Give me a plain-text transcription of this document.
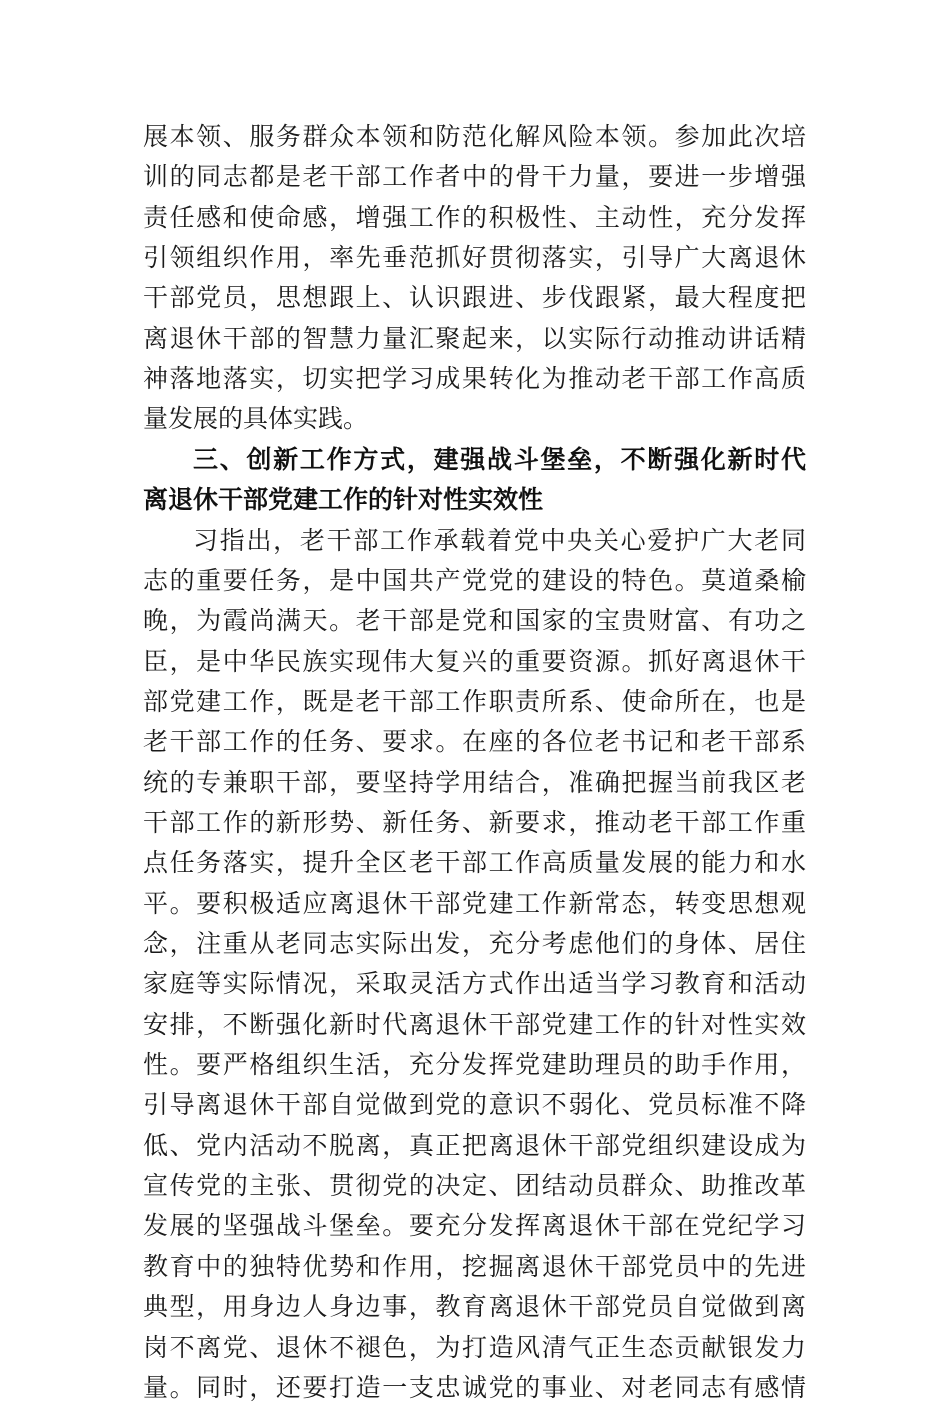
展本领、服务群众本领和防范化解风险本领。参加此次培
训的同志都是老干部工作者中的骨干力量，要进一步增强
责任感和使命感，增强工作的积极性、主动性，充分发挥
引领组织作用，率先垂范抓好贯彻落实，引导广大离退休
干部党员，思想跟上、认识跟进、步伐跟紧，最大程度把
离退休干部的智慧力量汇聚起来，以实际行动推动讲话精
神落地落实，切实把学习成果转化为推动老干部工作高质
量发展的具体实践。
三、创新工作方式，建强战斗堡垒，不断强化新时代
离退休干部党建工作的针对性实效性
习指出，老干部工作承载着党中央关心爱护广大老同
志的重要任务，是中国共产党党的建设的特色。莫道桑榆
晚，为霞尚满天。老干部是党和国家的宝贵财富、有功之
臣，是中华民族实现伟大复兴的重要资源。抓好离退休干
部党建工作，既是老干部工作职责所系、使命所在，也是
老干部工作的任务、要求。在座的各位老书记和老干部系
统的专兼职干部，要坚持学用结合，准确把握当前我区老
干部工作的新形势、新任务、新要求，推动老干部工作重
点任务落实，提升全区老干部工作高质量发展的能力和水
平。要积极适应离退休干部党建工作新常态，转变思想观
念，注重从老同志实际出发，充分考虑他们的身体、居住
家庭等实际情况，采取灵活方式作出适当学习教育和活动
安排，不断强化新时代离退休干部党建工作的针对性实效
性。要严格组织生活，充分发挥党建助理员的助手作用，
引导离退休干部自觉做到党的意识不弱化、党员标准不降
低、党内活动不脱离，真正把离退休干部党组织建设成为
宣传党的主张、贯彻党的决定、团结动员群众、助推改革
发展的坚强战斗堡垒。要充分发挥离退休干部在党纪学习
教育中的独特优势和作用，挖掘离退休干部党员中的先进
典型，用身边人身边事，教育离退休干部党员自觉做到离
岗不离党、退休不褪色，为打造风清气正生态贡献银发力
量。同时，还要打造一支忠诚党的事业、对老同志有感情
